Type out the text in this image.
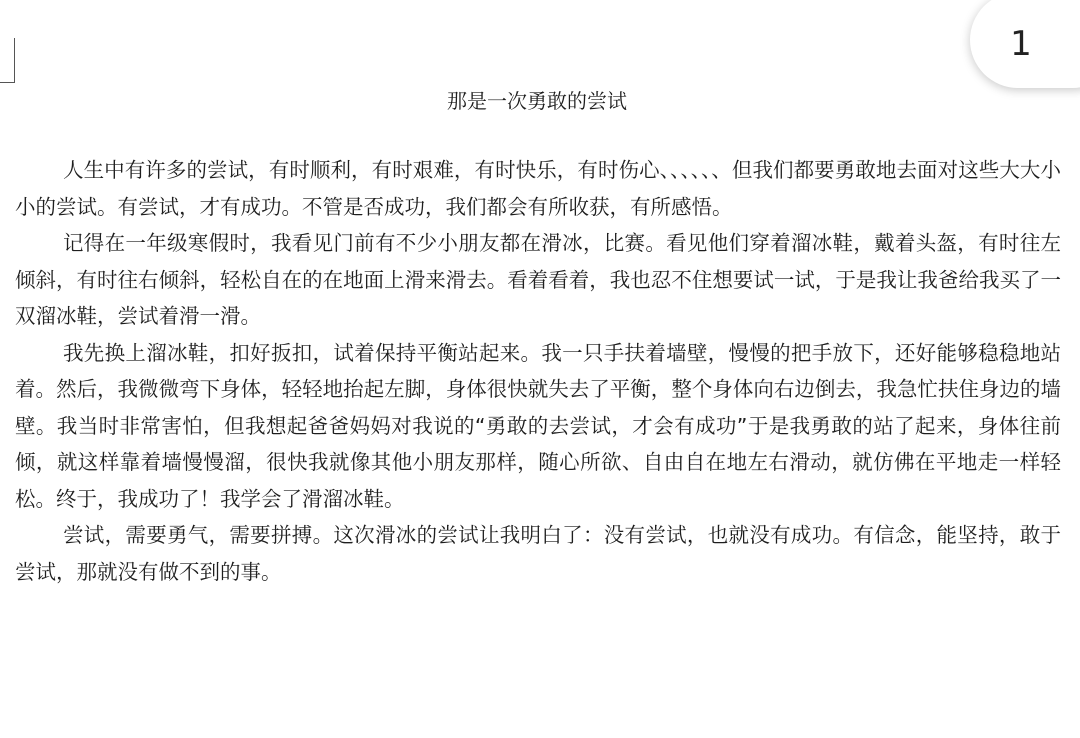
1
那是一次勇敢的尝试

人生中有许多的尝试，有时顺利，有时艰难，有时快乐，有时伤心、、、、、、但我们都要勇敢地去面对这些大大小小的尝试。有尝试，才有成功。不管是否成功，我们都会有所收获，有所感悟。

记得在一年级寒假时，我看见门前有不少小朋友都在滑冰，比赛。看见他们穿着溜冰鞋，戴着头盔，有时往左倾斜，有时往右倾斜，轻松自在的在地面上滑来滑去。看着看着，我也忍不住想要试一试，于是我让我爸给我买了一双溜冰鞋，尝试着滑一滑。

我先换上溜冰鞋，扣好扳扣，试着保持平衡站起来。我一只手扶着墙壁，慢慢的把手放下，还好能够稳稳地站着。然后，我微微弯下身体，轻轻地抬起左脚，身体很快就失去了平衡，整个身体向右边倒去，我急忙扶住身边的墙壁。我当时非常害怕，但我想起爸爸妈妈对我说的“勇敢的去尝试，才会有成功”于是我勇敢的站了起来，身体往前倾，就这样靠着墙慢慢溜，很快我就像其他小朋友那样，随心所欲、自由自在地左右滑动，就仿佛在平地走一样轻松。终于，我成功了！我学会了滑溜冰鞋。

尝试，需要勇气，需要拼搏。这次滑冰的尝试让我明白了：没有尝试，也就没有成功。有信念，能坚持，敢于尝试，那就没有做不到的事。
